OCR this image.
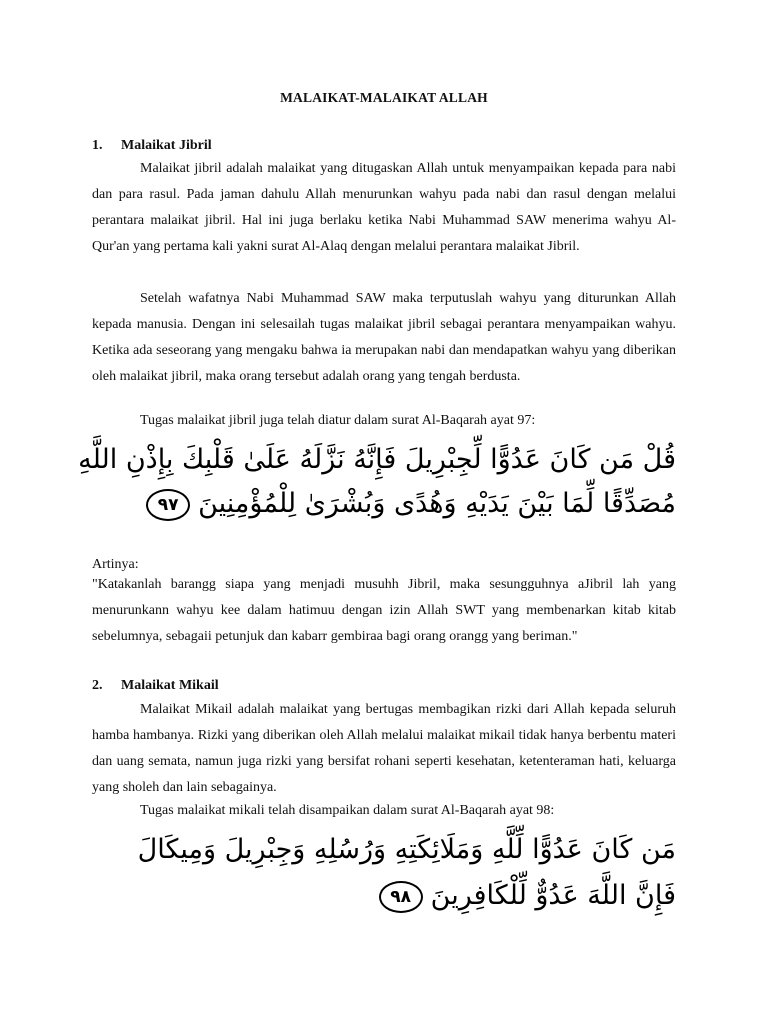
MALAIKAT-MALAIKAT ALLAH
1. Malaikat Jibril
Malaikat jibril adalah malaikat yang ditugaskan Allah untuk menyampaikan kepada para nabi dan para rasul. Pada jaman dahulu Allah menurunkan wahyu pada nabi dan rasul dengan melalui perantara malaikat jibril. Hal ini juga berlaku ketika Nabi Muhammad SAW menerima wahyu Al-Qur'an yang pertama kali yakni surat Al-Alaq dengan melalui perantara malaikat Jibril.
Setelah wafatnya Nabi Muhammad SAW maka terputuslah wahyu yang diturunkan Allah kepada manusia. Dengan ini selesailah tugas malaikat jibril sebagai perantara menyampaikan wahyu. Ketika ada seseorang yang mengaku bahwa ia merupakan nabi dan mendapatkan wahyu yang diberikan oleh malaikat jibril, maka orang tersebut adalah orang yang tengah berdusta.
Tugas malaikat jibril juga telah diatur dalam surat Al-Baqarah ayat 97:
قُلْ مَن كَانَ عَدُوًّا لِّجِبْرِيلَ فَإِنَّهُ نَزَّلَهُ عَلَىٰ قَلْبِكَ بِإِذْنِ اللَّهِ
مُصَدِّقًا لِّمَا بَيْنَ يَدَيْهِ وَهُدًى وَبُشْرَىٰ لِلْمُؤْمِنِينَ٩٧
Artinya:
"Katakanlah barangg siapa yang menjadi musuhh Jibril, maka sesungguhnya aJibril lah yang menurunkann wahyu kee dalam hatimuu dengan izin Allah SWT yang membenarkan kitab kitab sebelumnya, sebagaii petunjuk dan kabarr gembiraa bagi orang orangg yang beriman."
2. Malaikat Mikail
Malaikat Mikail adalah malaikat yang bertugas membagikan rizki dari Allah kepada seluruh hamba hambanya. Rizki yang diberikan oleh Allah melalui malaikat mikail tidak hanya berbentu materi dan uang semata, namun juga rizki yang bersifat rohani seperti kesehatan, ketenteraman hati, keluarga yang sholeh dan lain sebagainya.
Tugas malaikat mikali telah disampaikan dalam surat Al-Baqarah ayat 98:
مَن كَانَ عَدُوًّا لِّلَّهِ وَمَلَائِكَتِهِ وَرُسُلِهِ وَجِبْرِيلَ وَمِيكَالَ
فَإِنَّ اللَّهَ عَدُوٌّ لِّلْكَافِرِينَ٩٨
